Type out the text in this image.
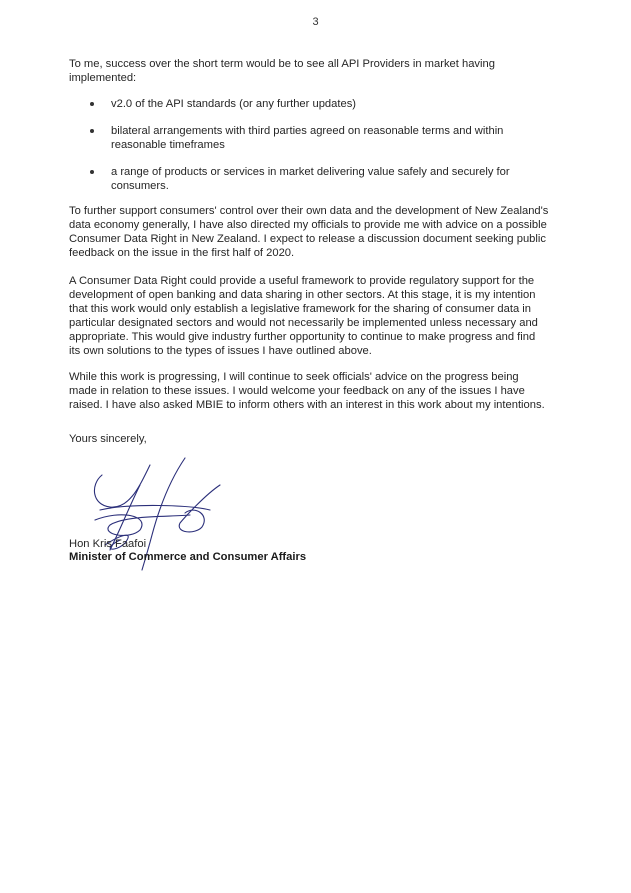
3

To me, success over the short term would be to see all API Providers in market having implemented:

v2.0 of the API standards (or any further updates)
bilateral arrangements with third parties agreed on reasonable terms and within reasonable timeframes
a range of products or services in market delivering value safely and securely for consumers.

To further support consumers' control over their own data and the development of New Zealand's data economy generally, I have also directed my officials to provide me with advice on a possible Consumer Data Right in New Zealand. I expect to release a discussion document seeking public feedback on the issue in the first half of 2020.

A Consumer Data Right could provide a useful framework to provide regulatory support for the development of open banking and data sharing in other sectors. At this stage, it is my intention that this work would only establish a legislative framework for the sharing of consumer data in particular designated sectors and would not necessarily be implemented unless necessary and appropriate. This would give industry further opportunity to continue to make progress and find its own solutions to the types of issues I have outlined above.

While this work is progressing, I will continue to seek officials' advice on the progress being made in relation to these issues. I would welcome your feedback on any of the issues I have raised. I have also asked MBIE to inform others with an interest in this work about my intentions.

Yours sincerely,

Hon Kris Faafoi
Minister of Commerce and Consumer Affairs
